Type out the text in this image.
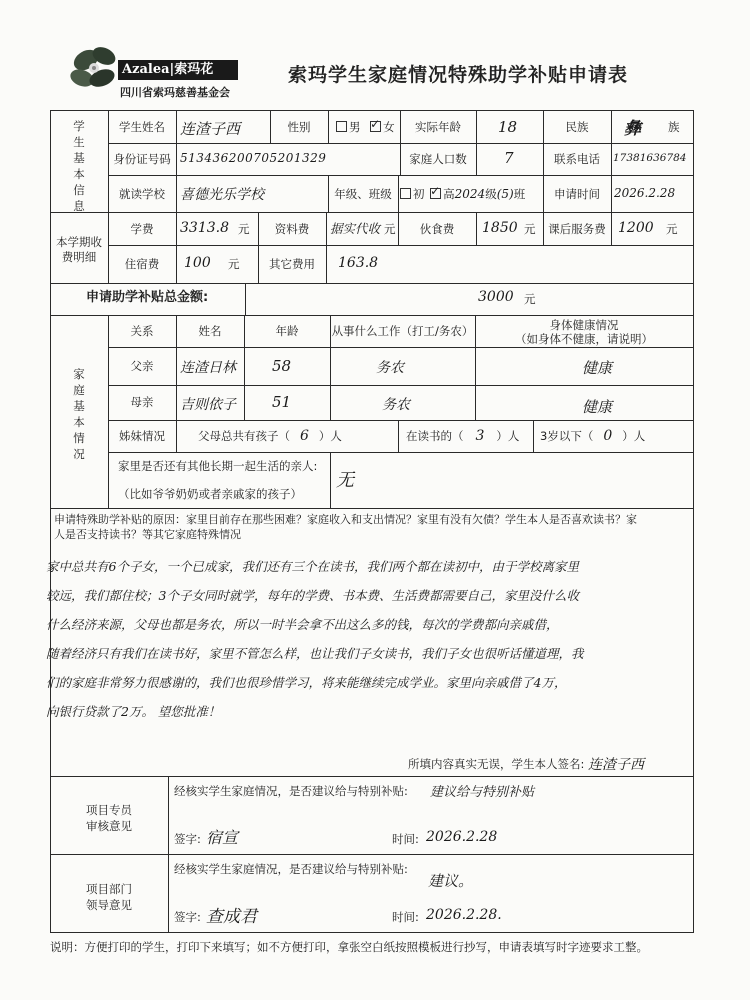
Azalea|索玛花
四川省索玛慈善基金会
索玛学生家庭情况特殊助学补贴申请表
学生基本信息
学生姓名	连渣子西	性别	男 ✓ 女	实际年龄	18	民族	彝 族
身份证号码 513436200705201329	家庭人口数	7	联系电话	17381636784
就读学校	喜德光乐学校	年级、班级	初 ✓ 高2024级(5)班	申请时间	2026.2.28
本学期收费明细
学费	3313.8 元	资料费	据实代收 元	伙食费	1850 元	课后服务费 1200 元
住宿费	100 元	其它费用	163.8
申请助学补贴总金额:	3000 元
家庭基本情况
关系	姓名	年龄	从事什么工作（打工/务农）	身体健康情况
（如身体不健康，请说明）
父亲	连渣日林 58	务农	健康
母亲	吉则依子 51	务农	健康
姊妹情况	父母总共有孩子（ 6 ）人	在读书的（ 3 ）人 3岁以下（ 0 ）人
家里是否还有其他长期一起生活的亲人:
（比如爷爷奶奶或者亲戚家的孩子）
无
申请特殊助学补贴的原因：家里目前存在那些困难？家庭收入和支出情况？家里有没有欠债？学生本人是否喜欢读书？家
人是否支持读书？等其它家庭特殊情况
家中总共有6个子女，一个已成家，我们还有三个在读书，我们两个都在读初中，由于学校离家里
较远，我们都住校；3个子女同时就学，每年的学费、书本费、生活费都需要自己，家里没什么收
什么经济来源，父母也都是务农，所以一时半会拿不出这么多的钱，每次的学费都向亲戚借，
随着经济只有我们在读书好，家里不管怎么样，也让我们子女读书，我们子女也很听话懂道理，我
们的家庭非常努力很感谢的，我们也很珍惜学习，将来能继续完成学业。家里向亲戚借了4万，
向银行贷款了2万。 望您批准！
所填内容真实无误，学生本人签名: 连渣子西
项目专员
审核意见
经核实学生家庭情况，是否建议给与特别补贴: 建议给与特别补贴
签字: 宿宣	时间: 2026.2.28
项目部门
领导意见
经核实学生家庭情况，是否建议给与特别补贴:
建议。
签字: 查成君	时间: 2026.2.28.
说明：方便打印的学生，打印下来填写；如不方便打印，拿张空白纸按照模板进行抄写，申请表填写时字迹要求工整。
